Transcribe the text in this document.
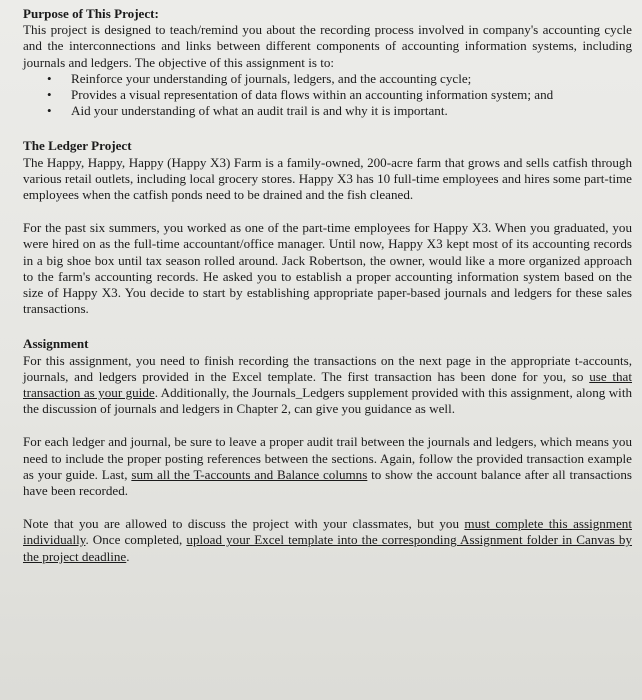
Purpose of This Project:

This project is designed to teach/remind you about the recording process involved in company's accounting cycle and the interconnections and links between different components of accounting information systems, including journals and ledgers. The objective of this assignment is to:

• Reinforce your understanding of journals, ledgers, and the accounting cycle;
• Provides a visual representation of data flows within an accounting information system; and
• Aid your understanding of what an audit trail is and why it is important.

The Ledger Project

The Happy, Happy, Happy (Happy X3) Farm is a family-owned, 200-acre farm that grows and sells catfish through various retail outlets, including local grocery stores. Happy X3 has 10 full-time employees and hires some part-time employees when the catfish ponds need to be drained and the fish cleaned.

For the past six summers, you worked as one of the part-time employees for Happy X3. When you graduated, you were hired on as the full-time accountant/office manager. Until now, Happy X3 kept most of its accounting records in a big shoe box until tax season rolled around. Jack Robertson, the owner, would like a more organized approach to the farm's accounting records. He asked you to establish a proper accounting information system based on the size of Happy X3. You decide to start by establishing appropriate paper-based journals and ledgers for these sales transactions.

Assignment

For this assignment, you need to finish recording the transactions on the next page in the appropriate t-accounts, journals, and ledgers provided in the Excel template. The first transaction has been done for you, so use that transaction as your guide. Additionally, the Journals_Ledgers supplement provided with this assignment, along with the discussion of journals and ledgers in Chapter 2, can give you guidance as well.

For each ledger and journal, be sure to leave a proper audit trail between the journals and ledgers, which means you need to include the proper posting references between the sections. Again, follow the provided transaction example as your guide. Last, sum all the T-accounts and Balance columns to show the account balance after all transactions have been recorded.

Note that you are allowed to discuss the project with your classmates, but you must complete this assignment individually. Once completed, upload your Excel template into the corresponding Assignment folder in Canvas by the project deadline.
